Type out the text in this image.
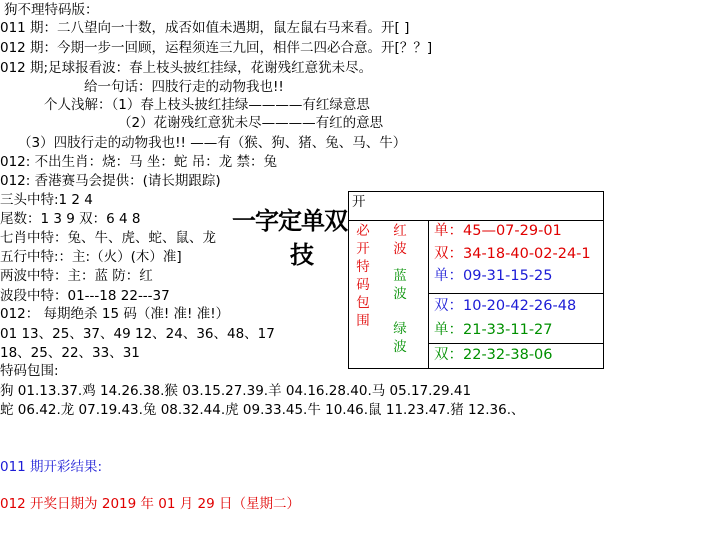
狗不理特码版：
011 期：二八望向一十数，成否如值未遇期，鼠左鼠右马来看。开[ ]
012 期：今期一步一回顾，运程须连三九回，相伴二四必合意。开[？？]
012 期;足球报看波：春上枝头披红挂绿，花谢残红意犹未尽。
给一句话：四肢行走的动物我也!!
个人浅解：（1）春上枝头披红挂绿————有红绿意思
（2）花谢残红意犹未尽————有红的意思
（3）四肢行走的动物我也!! ——有（猴、狗、猪、兔、马、牛）
012: 不出生肖：烧：马 坐：蛇 吊：龙 禁：兔
012: 香港赛马会提供：(请长期跟踪)
三头中特:1 2 4
尾数：1 3 9 双：6 4 8
七肖中特：兔、牛、虎、蛇、鼠、龙
五行中特:：主:（火）(木）准]
两波中特：主：蓝 防：红
波段中特：01---18 22---37
012： 每期绝杀 15 码（准! 准! 准!）
01 13、25、37、49 12、24、36、48、17
18、25、22、33、31
特码包围:
狗 01.13.37.鸡 14.26.38.猴 03.15.27.39.羊 04.16.28.40.马 05.17.29.41
蛇 06.42.龙 07.19.43.兔 08.32.44.虎 09.33.45.牛 10.46.鼠 11.23.47.猪 12.36.、
一字定单双
技
开
必开特码包围
红波
蓝波
绿波
单：45—07-29-01
双：34-18-40-02-24-1
单：09-31-15-25
双：10-20-42-26-48
单：21-33-11-27
双：22-32-38-06
011 期开彩结果:
012 开奖日期为 2019 年 01 月 29 日（星期二）
